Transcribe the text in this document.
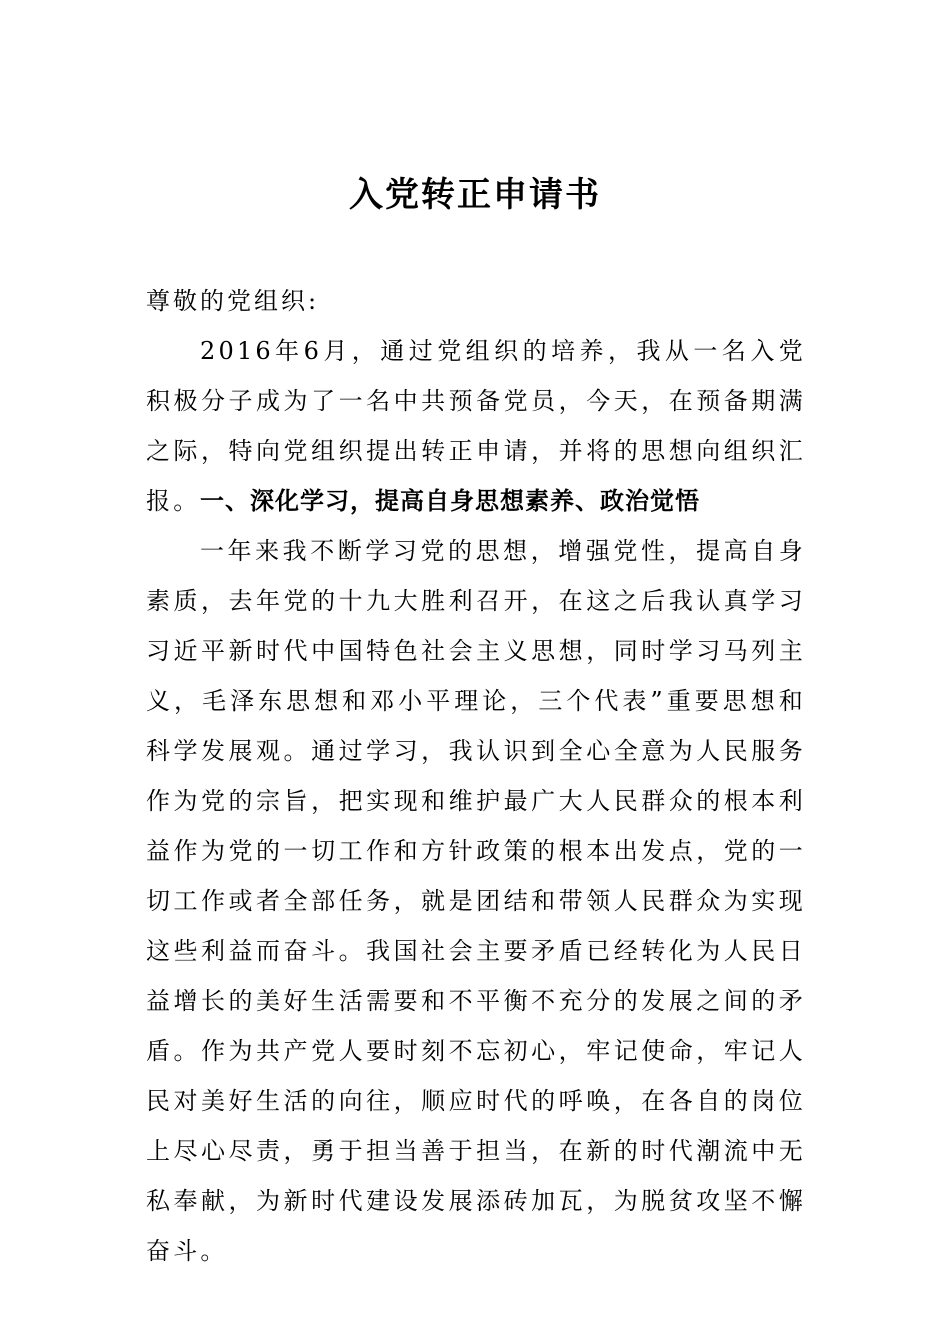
入党转正申请书
尊敬的党组织:
2016年6月，通过党组织的培养，我从一名入党积极分子成为了一名中共预备党员，今天，在预备期满之际，特向党组织提出转正申请，并将的思想向组织汇报。 一、深化学习，提高自身思想素养、政治觉悟
一年来我不断学习党的思想，增强党性，提高自身素质，去年党的十九大胜利召开，在这之后我认真学习习近平新时代中国特色社会主义思想，同时学习马列主义，毛泽东思想和邓小平理论，三个代表”重要思想和科学发展观。通过学习，我认识到全心全意为人民服务作为党的宗旨，把实现和维护最广大人民群众的根本利益作为党的一切工作和方针政策的根本出发点，党的一切工作或者全部任务，就是团结和带领人民群众为实现这些利益而奋斗。我国社会主要矛盾已经转化为人民日益增长的美好生活需要和不平衡不充分的发展之间的矛盾。作为共产党人要时刻不忘初心，牢记使命，牢记人民对美好生活的向往，顺应时代的呼唤，在各自的岗位上尽心尽责，勇于担当善于担当，在新的时代潮流中无私奉献，为新时代建设发展添砖加瓦，为脱贫攻坚不懈奋斗。
